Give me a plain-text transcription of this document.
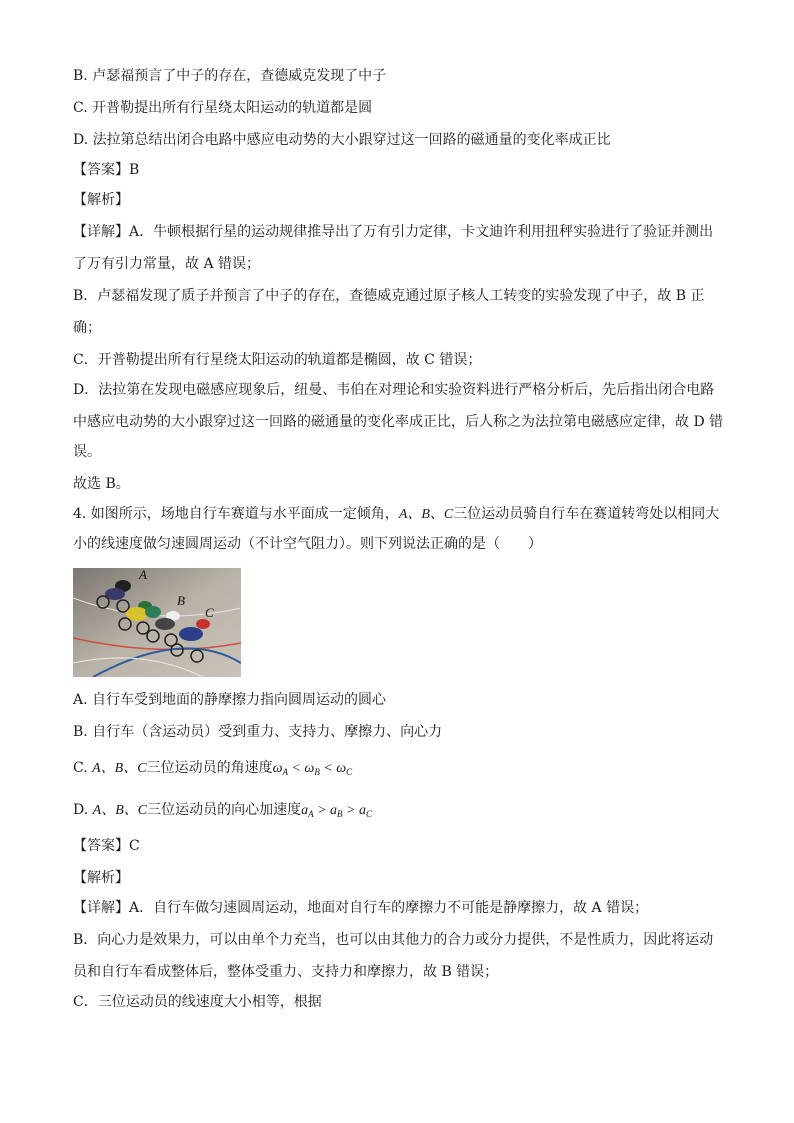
B. 卢瑟福预言了中子的存在，查德威克发现了中子
C. 开普勒提出所有行星绕太阳运动的轨道都是圆
D. 法拉第总结出闭合电路中感应电动势的大小跟穿过这一回路的磁通量的变化率成正比
【答案】B
【解析】
【详解】A．牛顿根据行星的运动规律推导出了万有引力定律，卡文迪许利用扭秤实验进行了验证并测出
了万有引力常量，故 A 错误；
B．卢瑟福发现了质子并预言了中子的存在，查德威克通过原子核人工转变的实验发现了中子，故 B 正
确；
C．开普勒提出所有行星绕太阳运动的轨道都是椭圆，故 C 错误；
D．法拉第在发现电磁感应现象后，纽曼、韦伯在对理论和实验资料进行严格分析后，先后指出闭合电路
中感应电动势的大小跟穿过这一回路的磁通量的变化率成正比，后人称之为法拉第电磁感应定律，故 D 错
误。
故选 B。
4. 如图所示，场地自行车赛道与水平面成一定倾角，A、B、C三位运动员骑自行车在赛道转弯处以相同大
小的线速度做匀速圆周运动（不计空气阻力）。则下列说法正确的是（　　）
A
B
C
A. 自行车受到地面的静摩擦力指向圆周运动的圆心
B. 自行车（含运动员）受到重力、支持力、摩擦力、向心力
C. A、B、C三位运动员的角速度$\omega_A < \omega_B < \omega_C$
D. A、B、C三位运动员的向心加速度$a_A > a_B > a_C$
【答案】C
【解析】
【详解】A．自行车做匀速圆周运动，地面对自行车的摩擦力不可能是静摩擦力，故 A 错误；
B．向心力是效果力，可以由单个力充当，也可以由其他力的合力或分力提供，不是性质力，因此将运动
员和自行车看成整体后，整体受重力、支持力和摩擦力，故 B 错误；
C．三位运动员的线速度大小相等，根据
